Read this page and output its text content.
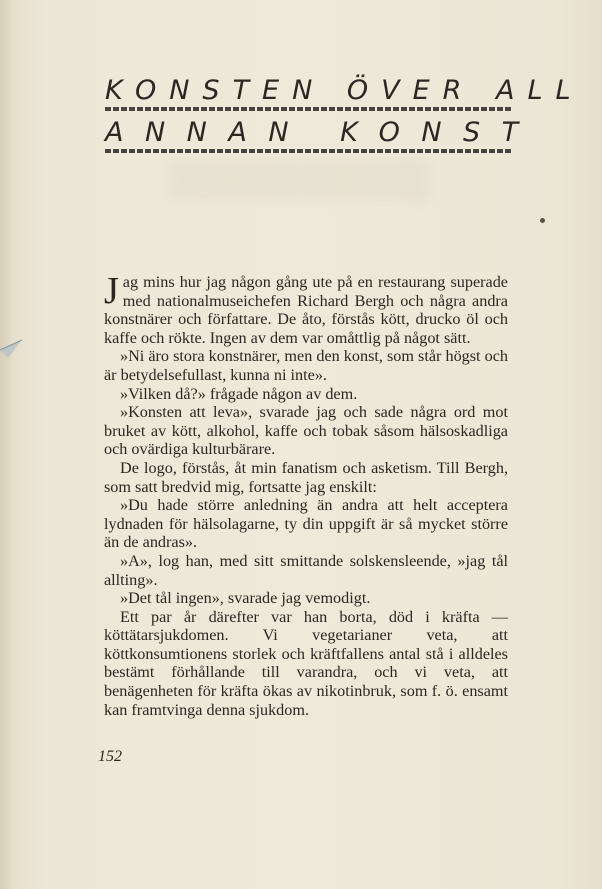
KONSTEN ÖVER ALL
ANNAN KONST

Jag mins hur jag någon gång ute på en restaurang superade med nationalmuseichefen Richard Bergh och några andra konstnärer och författare. De åto, förstås kött, drucko öl och kaffe och rökte. Ingen av dem var omåttlig på något sätt.

»Ni äro stora konstnärer, men den konst, som står högst och är betydelsefullast, kunna ni inte».

»Vilken då?» frågade någon av dem.

»Konsten att leva», svarade jag och sade några ord mot bruket av kött, alkohol, kaffe och tobak såsom hälsoskadliga och ovärdiga kulturbärare.

De logo, förstås, åt min fanatism och asketism. Till Bergh, som satt bredvid mig, fortsatte jag enskilt:

»Du hade större anledning än andra att helt acceptera lydnaden för hälsolagarne, ty din uppgift är så mycket större än de andras».

»A», log han, med sitt smittande solskensleende, »jag tål allting».

»Det tål ingen», svarade jag vemodigt.

Ett par år därefter var han borta, död i kräfta — köttätarsjukdomen. Vi vegetarianer veta, att köttkonsumtionens storlek och kräftfallens antal stå i alldeles bestämt förhållande till varandra, och vi veta, att benägenheten för kräfta ökas av nikotinbruk, som f. ö. ensamt kan framtvinga denna sjukdom.

152
